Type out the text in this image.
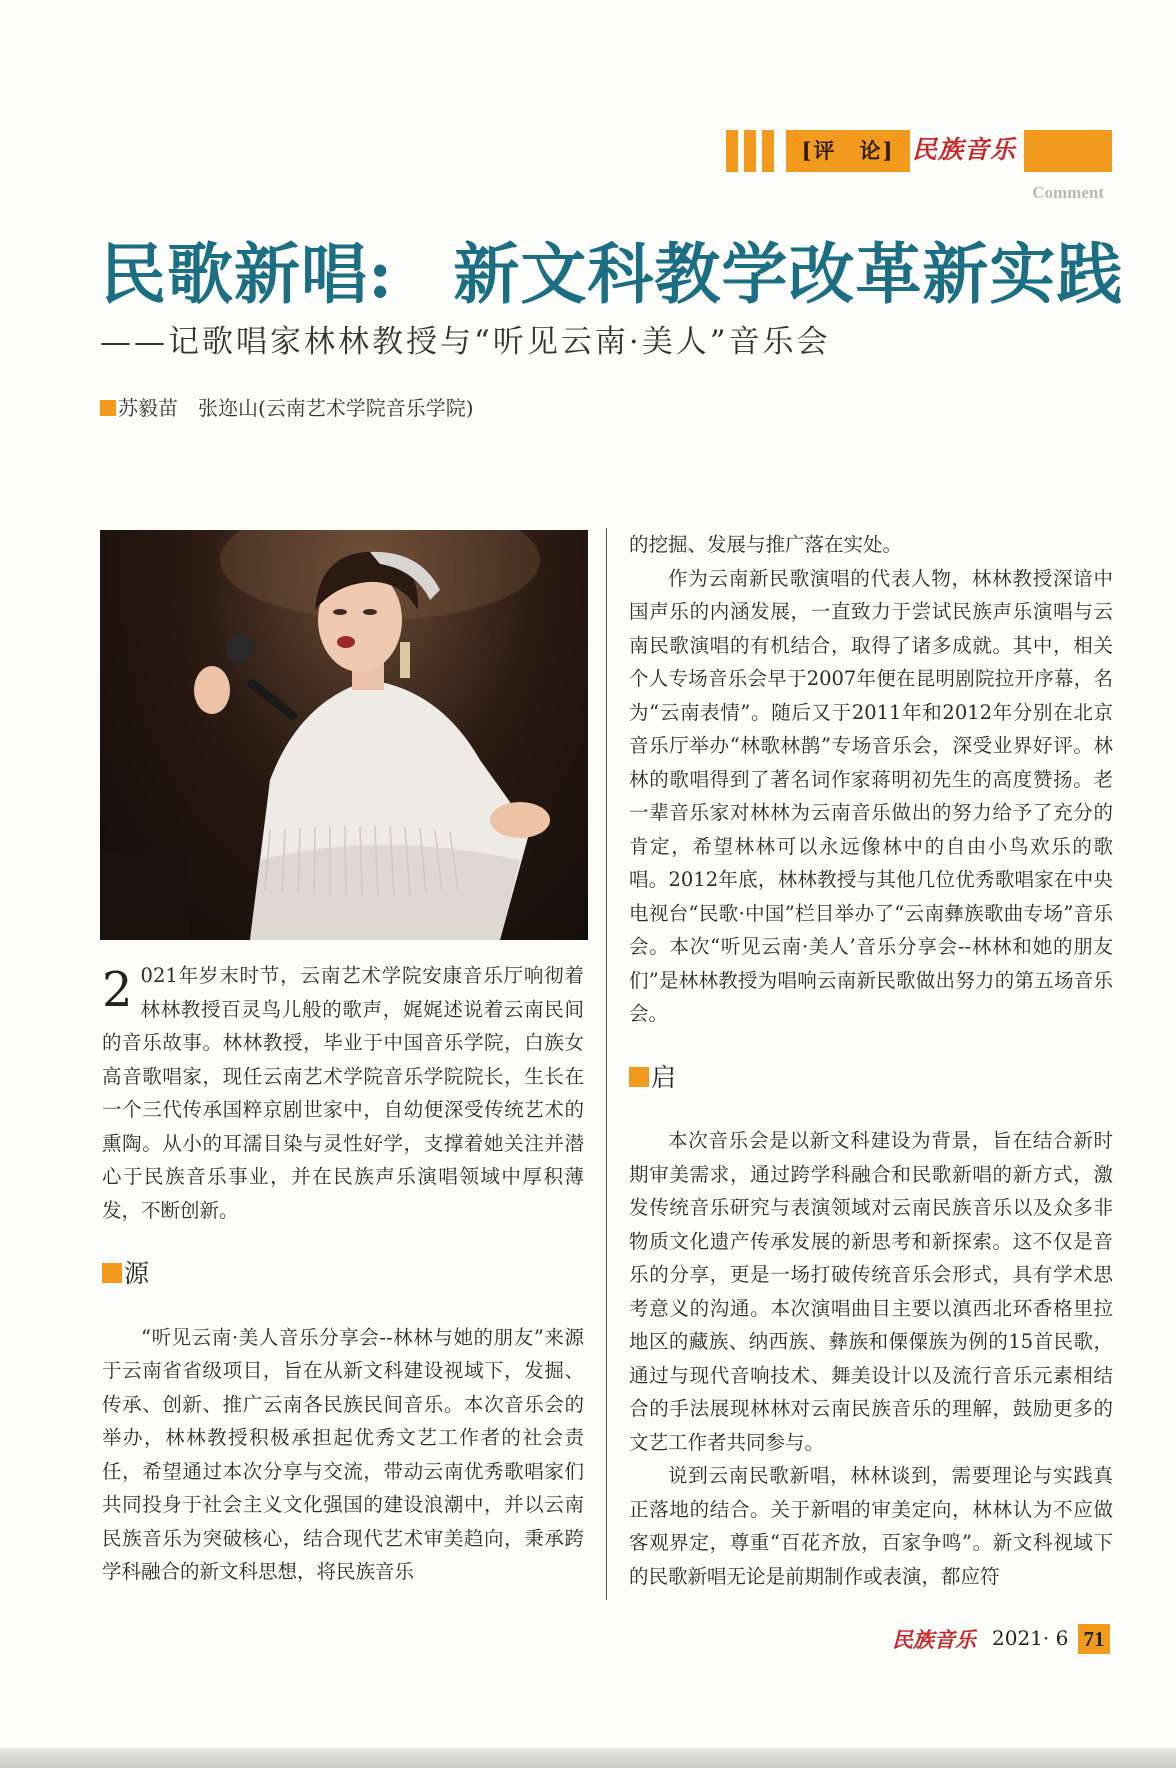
[评　论] 民族音乐
Comment
民歌新唱: 新文科教学改革新实践
——记歌唱家林林教授与“听见云南·美人”音乐会
苏毅苗　张迩山(云南艺术学院音乐学院)

2 021年岁末时节，云南艺术学院安康音乐厅响彻着林林教授百灵鸟儿般的歌声，娓娓述说着云南民间的音乐故事。林林教授，毕业于中国音乐学院，白族女高音歌唱家，现任云南艺术学院音乐学院院长，生长在一个三代传承国粹京剧世家中，自幼便深受传统艺术的熏陶。从小的耳濡目染与灵性好学，支撑着她关注并潜心于民族音乐事业，并在民族声乐演唱领域中厚积薄发，不断创新。

源

“听见云南·美人音乐分享会--林林与她的朋友”来源于云南省省级项目，旨在从新文科建设视域下，发掘、传承、创新、推广云南各民族民间音乐。本次音乐会的举办，林林教授积极承担起优秀文艺工作者的社会责任，希望通过本次分享与交流，带动云南优秀歌唱家们共同投身于社会主义文化强国的建设浪潮中，并以云南民族音乐为突破核心，结合现代艺术审美趋向，秉承跨学科融合的新文科思想，将民族音乐

的挖掘、发展与推广落在实处。

作为云南新民歌演唱的代表人物，林林教授深谙中国声乐的内涵发展，一直致力于尝试民族声乐演唱与云南民歌演唱的有机结合，取得了诸多成就。其中，相关个人专场音乐会早于2007年便在昆明剧院拉开序幕，名为“云南表情”。随后又于2011年和2012年分别在北京音乐厅举办“林歌林鹊”专场音乐会，深受业界好评。林林的歌唱得到了著名词作家蒋明初先生的高度赞扬。老一辈音乐家对林林为云南音乐做出的努力给予了充分的肯定，希望林林可以永远像林中的自由小鸟欢乐的歌唱。2012年底，林林教授与其他几位优秀歌唱家在中央电视台“民歌·中国”栏目举办了“云南彝族歌曲专场”音乐会。本次“听见云南·美人’音乐分享会--林林和她的朋友们”是林林教授为唱响云南新民歌做出努力的第五场音乐会。

启

本次音乐会是以新文科建设为背景，旨在结合新时期审美需求，通过跨学科融合和民歌新唱的新方式，激发传统音乐研究与表演领域对云南民族音乐以及众多非物质文化遗产传承发展的新思考和新探索。这不仅是音乐的分享，更是一场打破传统音乐会形式，具有学术思考意义的沟通。本次演唱曲目主要以滇西北环香格里拉地区的藏族、纳西族、彝族和傈僳族为例的15首民歌，通过与现代音响技术、舞美设计以及流行音乐元素相结合的手法展现林林对云南民族音乐的理解，鼓励更多的文艺工作者共同参与。

说到云南民歌新唱，林林谈到，需要理论与实践真正落地的结合。关于新唱的审美定向，林林认为不应做客观界定，尊重“百花齐放，百家争鸣”。新文科视域下的民歌新唱无论是前期制作或表演，都应符

民族音乐 2021· 6 71
